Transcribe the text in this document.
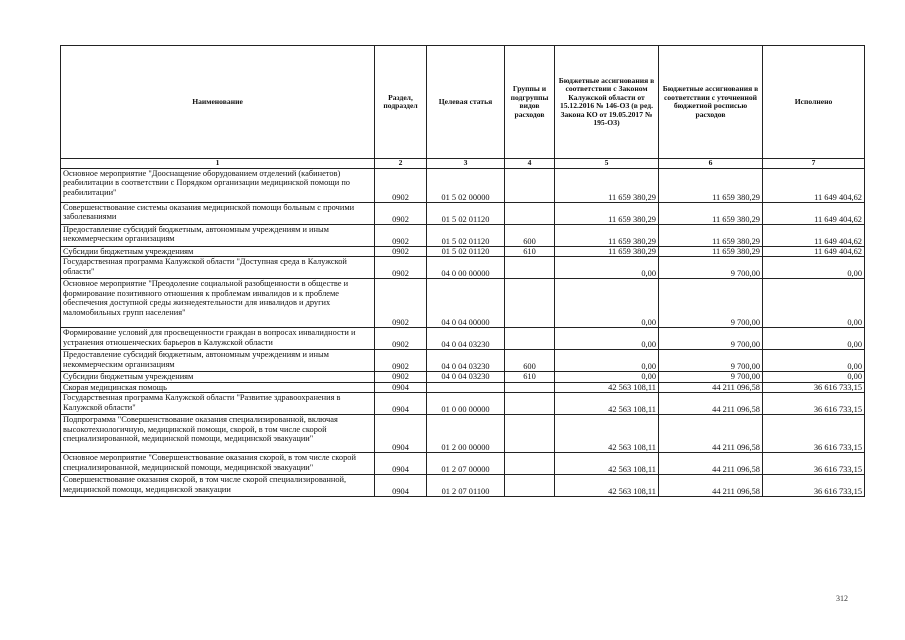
Наименование	Раздел, подраздел	Целевая статья	Группы и подгруппы видов расходов	Бюджетные ассигнования в соответствии с Законом Калужской области от 15.12.2016 № 146-ОЗ (в ред. Закона КО от 19.05.2017 № 195-ОЗ)	Бюджетные ассигнования в соответствии с уточненной бюджетной росписью расходов	Исполнено
1	2	3	4	5	6	7
Основное мероприятие "Дооснащение оборудованием отделений (кабинетов) реабилитации в соответствии с Порядком организации медицинской помощи по реабилитации"	0902	01 5 02 00000		11 659 380,29	11 659 380,29	11 649 404,62
Совершенствование системы оказания медицинской помощи больным с прочими заболеваниями	0902	01 5 02 01120		11 659 380,29	11 659 380,29	11 649 404,62
Предоставление субсидий бюджетным, автономным учреждениям и иным некоммерческим организациям	0902	01 5 02 01120	600	11 659 380,29	11 659 380,29	11 649 404,62
Субсидии бюджетным учреждениям	0902	01 5 02 01120	610	11 659 380,29	11 659 380,29	11 649 404,62
Государственная программа Калужской области "Доступная среда в Калужской области"	0902	04 0 00 00000		0,00	9 700,00	0,00
Основное мероприятие "Преодоление социальной разобщенности в обществе и формирование позитивного отношения к проблемам инвалидов и к проблеме обеспечения доступной среды жизнедеятельности для инвалидов и других маломобильных групп населения"	0902	04 0 04 00000		0,00	9 700,00	0,00
Формирование условий для просвещенности граждан в вопросах инвалидности и устранения отношенческих барьеров в Калужской области	0902	04 0 04 03230		0,00	9 700,00	0,00
Предоставление субсидий бюджетным, автономным учреждениям и иным некоммерческим организациям	0902	04 0 04 03230	600	0,00	9 700,00	0,00
Субсидии бюджетным учреждениям	0902	04 0 04 03230	610	0,00	9 700,00	0,00
Скорая медицинская помощь	0904			42 563 108,11	44 211 096,58	36 616 733,15
Государственная программа Калужской области "Развитие здравоохранения в Калужской области"	0904	01 0 00 00000		42 563 108,11	44 211 096,58	36 616 733,15
Подпрограмма "Совершенствование оказания специализированной, включая высокотехнологичную, медицинской помощи, скорой, в том числе скорой специализированной, медицинской помощи, медицинской эвакуации"	0904	01 2 00 00000		42 563 108,11	44 211 096,58	36 616 733,15
Основное мероприятие "Совершенствование оказания скорой, в том числе скорой специализированной, медицинской помощи, медицинской эвакуации"	0904	01 2 07 00000		42 563 108,11	44 211 096,58	36 616 733,15
Совершенствование оказания скорой, в том числе скорой специализированной, медицинской помощи, медицинской эвакуации	0904	01 2 07 01100		42 563 108,11	44 211 096,58	36 616 733,15
312
